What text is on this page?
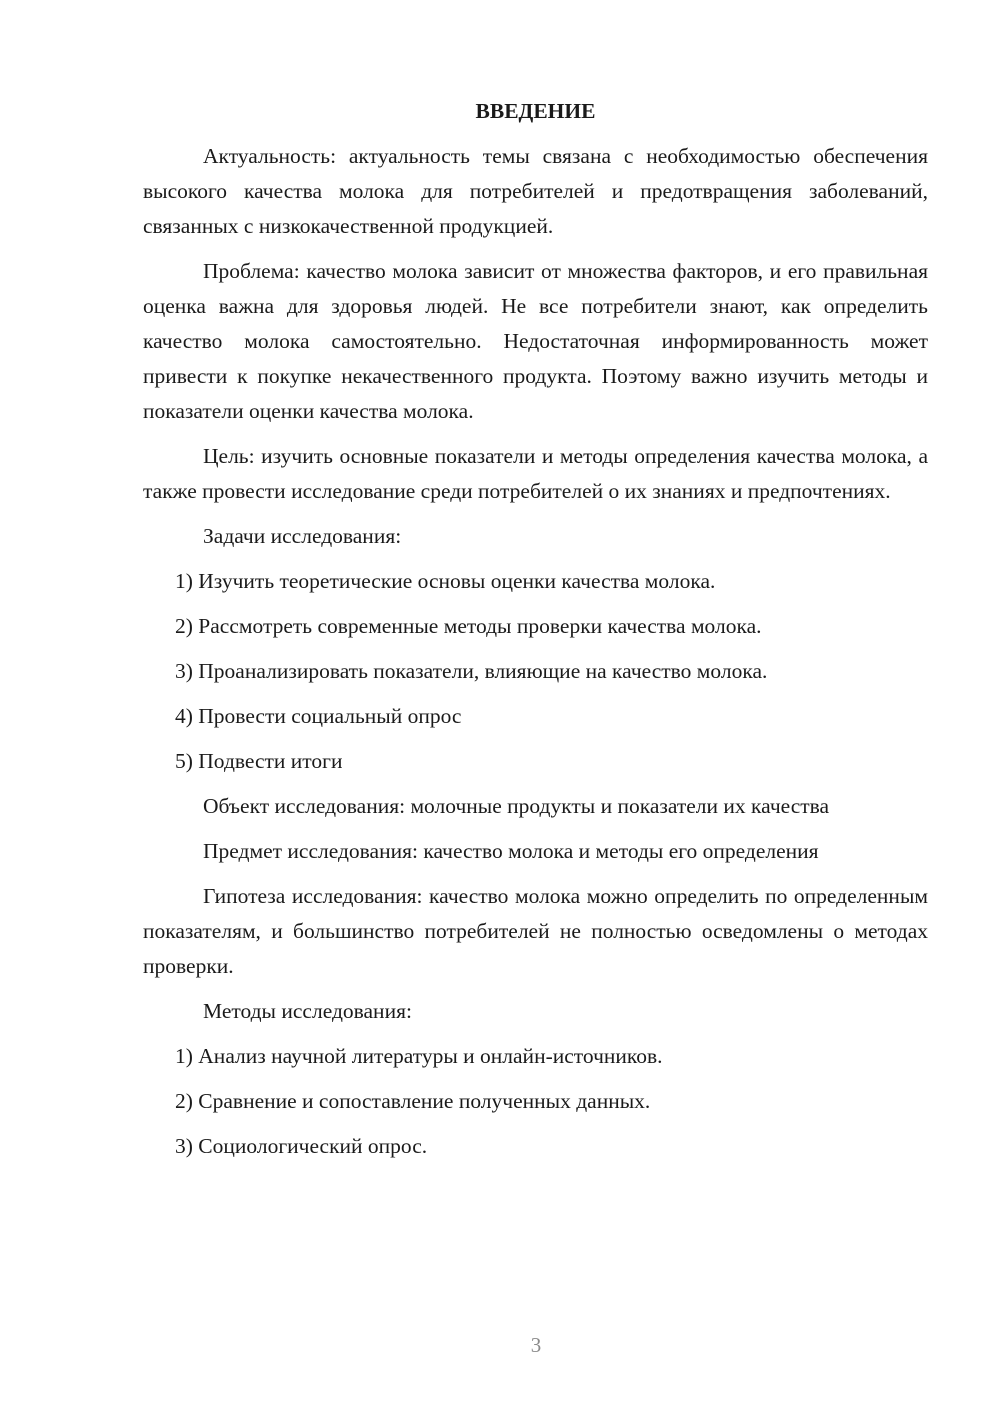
ВВЕДЕНИЕ

Актуальность: актуальность темы связана с необходимостью обеспечения высокого качества молока для потребителей и предотвращения заболеваний, связанных с низкокачественной продукцией.

Проблема: качество молока зависит от множества факторов, и его правильная оценка важна для здоровья людей. Не все потребители знают, как определить качество молока самостоятельно. Недостаточная информированность может привести к покупке некачественного продукта. Поэтому важно изучить методы и показатели оценки качества молока.

Цель: изучить основные показатели и методы определения качества молока, а также провести исследование среди потребителей о их знаниях и предпочтениях.

Задачи исследования:

1) Изучить теоретические основы оценки качества молока.

2) Рассмотреть современные методы проверки качества молока.

3) Проанализировать показатели, влияющие на качество молока.

4) Провести социальный опрос

5) Подвести итоги

Объект исследования: молочные продукты и показатели их качества

Предмет исследования: качество молока и методы его определения

Гипотеза исследования: качество молока можно определить по определенным показателям, и большинство потребителей не полностью осведомлены о методах проверки.

Методы исследования:

1) Анализ научной литературы и онлайн-источников.

2) Сравнение и сопоставление полученных данных.

3) Социологический опрос.

3
